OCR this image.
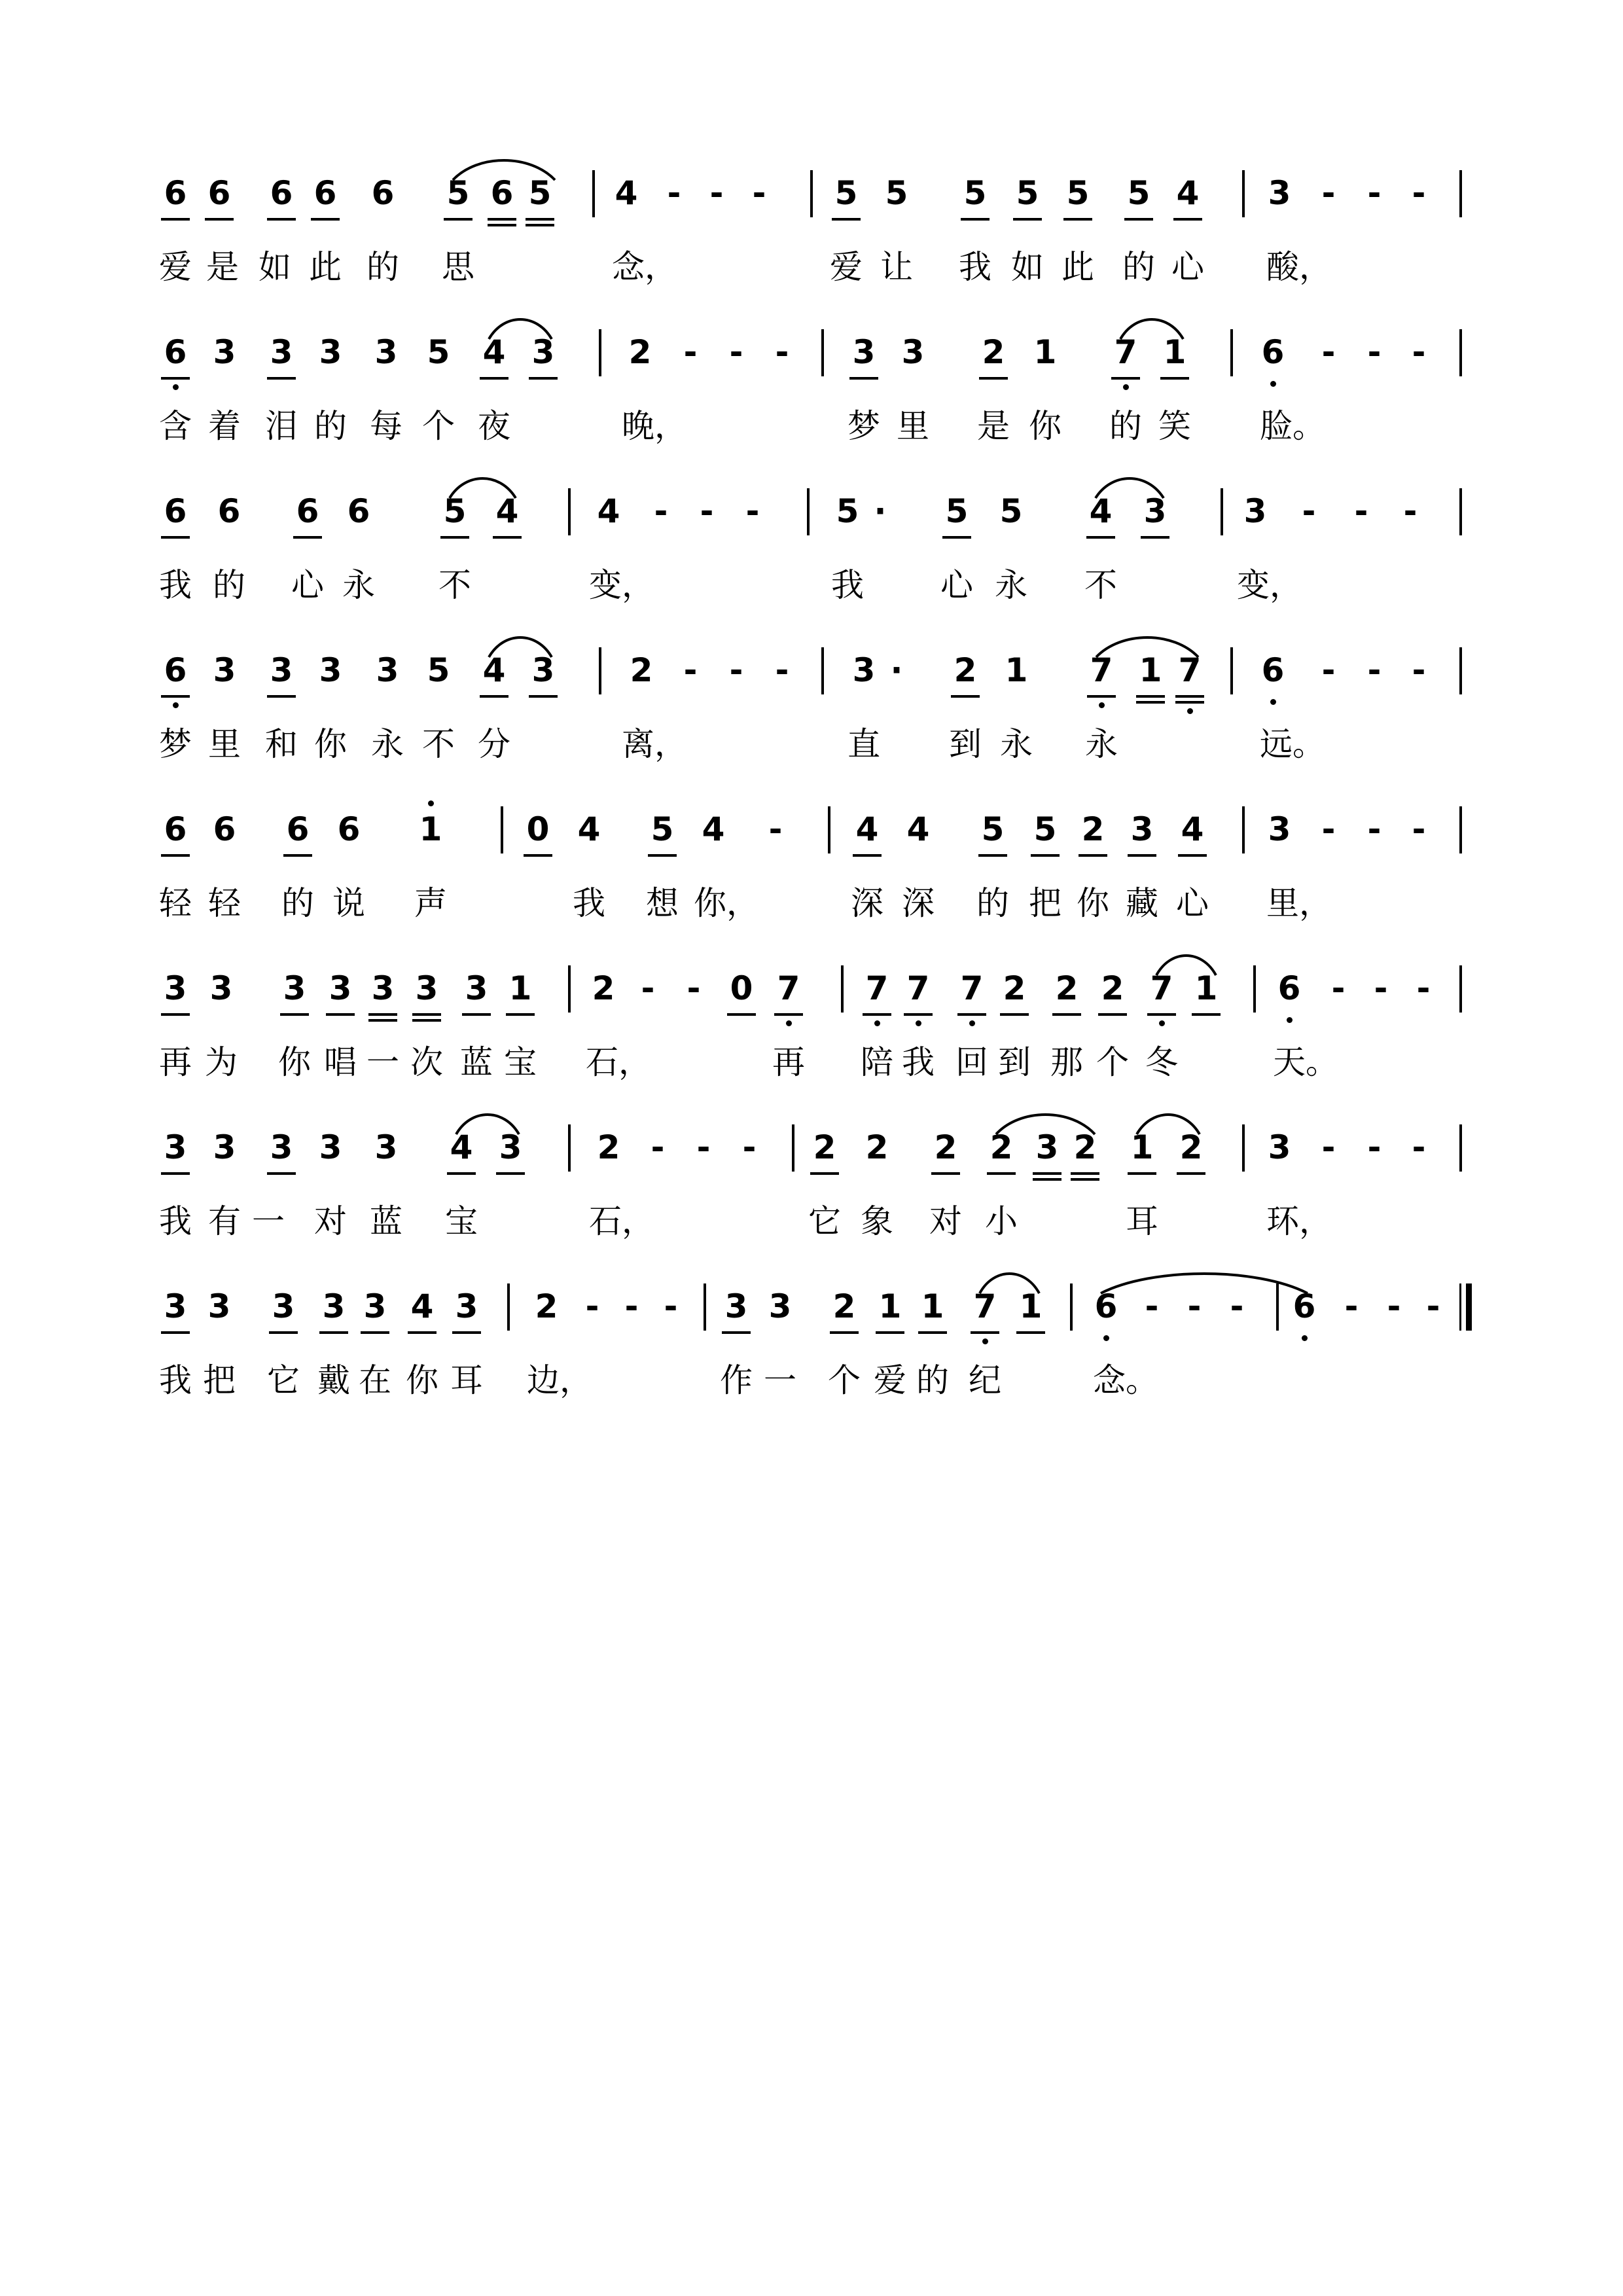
6 6 6 6 6 5 6 5 4 - - - 5 5 5 5 5 5 4 3 - - -
爱 是 如 此 的 思	念，	爱 让 我 如 此 的 心 酸，
6 3 3 3 3 5 4 3 2 - - - 3 3 2 1 7 1 6 - - -
含 着 泪 的 每 个 夜	晚，	梦 里 是 你 的 笑 脸。
6 6 6 6 5 4 4 - - - 5 · 5 5 4 3 3 - - -
我 的 心 永 不	变，	我 心 永 不	变，
6 3 3 3 3 5 4 3 2 - - - 3 · 2 1 7 1 7 6 - - -
梦 里 和 你 永 不 分	离，	直 到 永 永	远。
6 6 6 6 1	0 4 5 4 - 4 4 5 5 2 3 4 3 - - -
轻 轻 的 说 声	我 想 你，	深 深 的 把 你 藏 心 里，
3 3 3 3 3 3 3 1 2 - - 0 7 7 7 7 2 2 2 7 1 6 - - -
再 为 你 唱 一 次 蓝 宝 石，	再 陪 我 回 到 那 个 冬	天。
3 3 3 3 3 4 3 2 - - - 2 2 2 2 3 2 1 2 3 - - -
我 有 一 对 蓝 宝	石，	它 象 对 小	耳	环，
3 3 3 3 3 4 3 2 - - - 3 3 2 1 1 7 1 6 - - - 6 - - -
我 把 它 戴 在 你 耳 边，	作 一 个 爱 的 纪	念。
